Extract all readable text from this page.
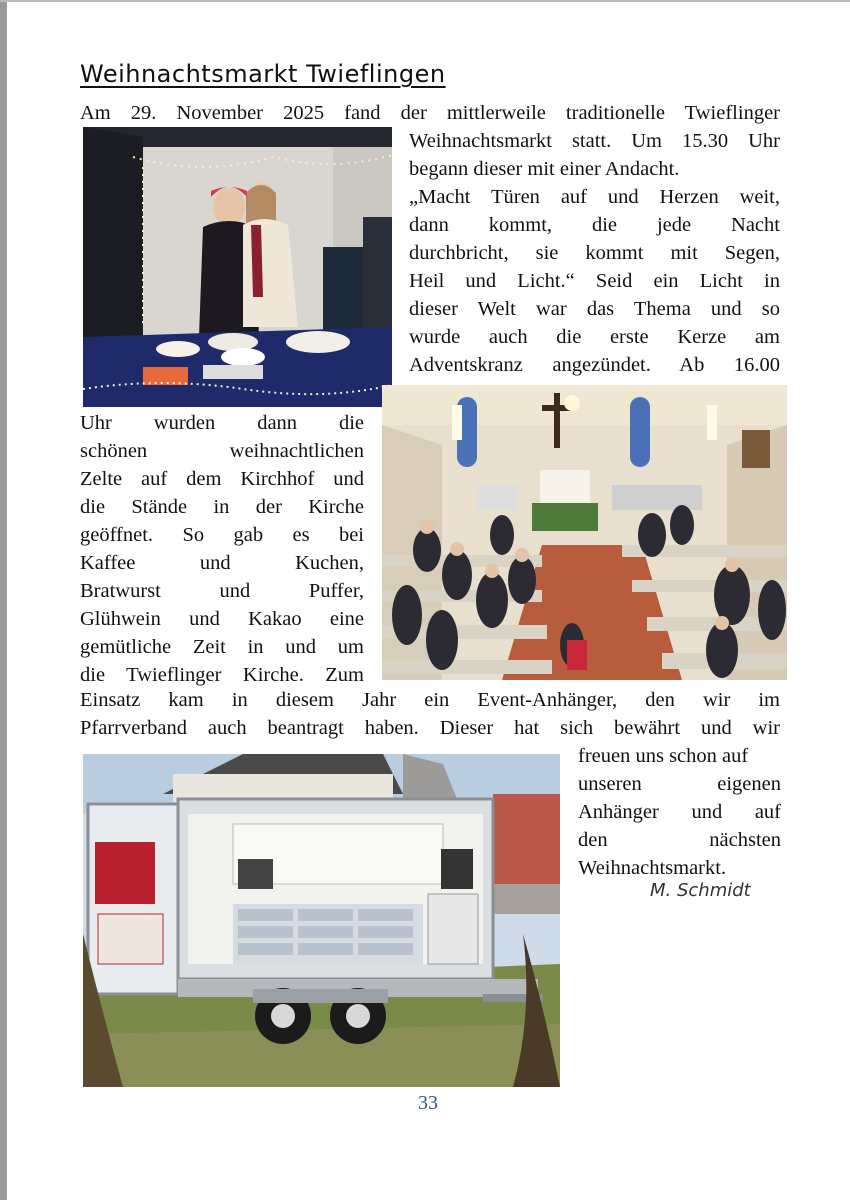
Weihnachtsmarkt Twieflingen
Am 29. November 2025 fand der mittlerweile traditionelle Twieflinger
Weihnachtsmarkt statt. Um 15.30 Uhr
begann dieser mit einer Andacht.
„Macht Türen auf und Herzen weit,
dann kommt, die jede Nacht
durchbricht, sie kommt mit Segen,
Heil und Licht.“ Seid ein Licht in
dieser Welt war das Thema und so
wurde auch die erste Kerze am
Adventskranz angezündet. Ab 16.00
Uhr wurden dann die
schönen	weihnachtlichen
Zelte auf dem Kirchhof und
die Stände in der Kirche
geöffnet. So gab es bei
Kaffee	und	Kuchen,
Bratwurst	und	Puffer,
Glühwein und Kakao eine
gemütliche Zeit in und um
die Twieflinger Kirche. Zum
Einsatz kam in diesem Jahr ein Event-Anhänger, den wir im
Pfarrverband auch beantragt haben. Dieser hat sich bewährt und wir
freuen uns schon auf
unseren	eigenen
Anhänger und auf
den	nächsten
Weihnachtsmarkt.
M. Schmidt
33
